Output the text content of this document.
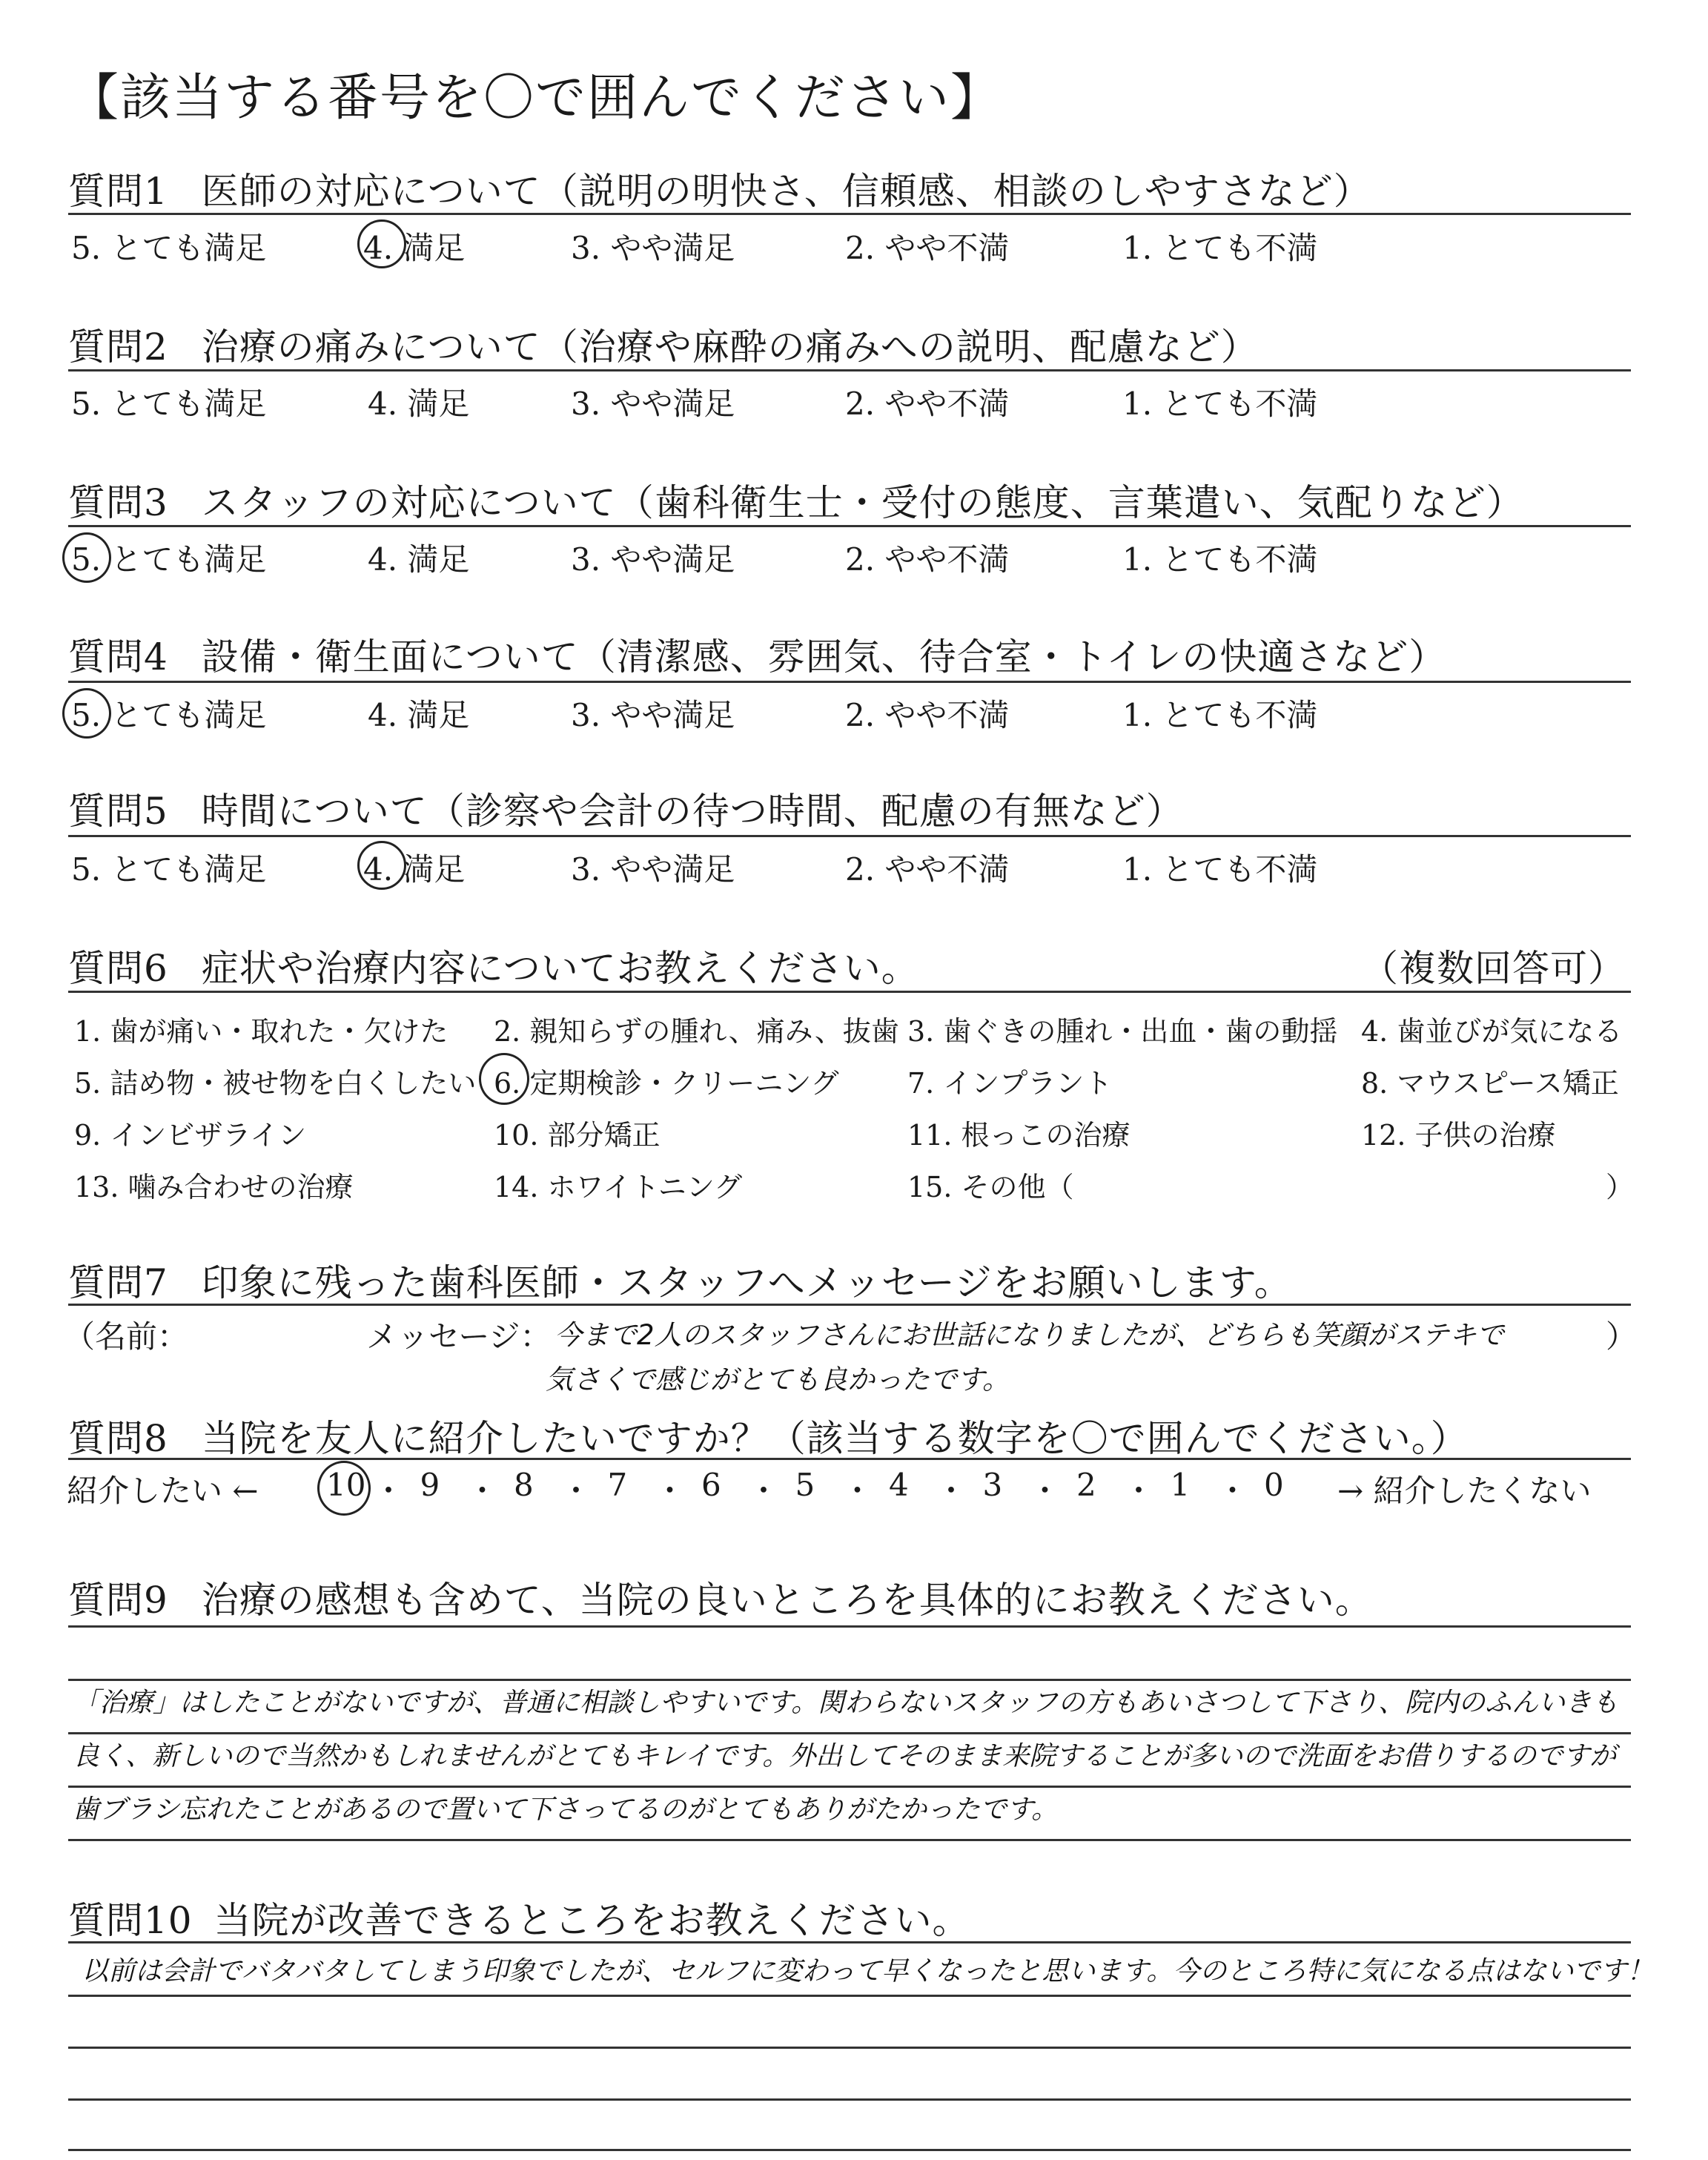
【該当する番号を〇で囲んでください】
質問1 医師の対応について（説明の明快さ、信頼感、相談のしやすさなど）
5. とても満足	4. 満足	3. やや満足	2. やや不満	1. とても不満
質問2 治療の痛みについて（治療や麻酔の痛みへの説明、配慮など）
5. とても満足	4. 満足	3. やや満足	2. やや不満	1. とても不満
質問3 スタッフの対応について（歯科衛生士・受付の態度、言葉遣い、気配りなど）
5. とても満足	4. 満足	3. やや満足	2. やや不満	1. とても不満
質問4 設備・衛生面について（清潔感、雰囲気、待合室・トイレの快適さなど）
5. とても満足	4. 満足	3. やや満足	2. やや不満	1. とても不満
質問5 時間について（診察や会計の待つ時間、配慮の有無など）
5. とても満足	4. 満足	3. やや満足	2. やや不満	1. とても不満
質問6 症状や治療内容についてお教えください。	（複数回答可）
1. 歯が痛い・取れた・欠けた 2. 親知らずの腫れ、痛み、抜歯 3. 歯ぐきの腫れ・出血・歯の動揺 4. 歯並びが気になる
5. 詰め物・被せ物を白くしたい 6. 定期検診・クリーニング 7. インプラント	8. マウスピース矯正
9. インビザライン	10. 部分矯正	11. 根っこの治療	12. 子供の治療
13. 噛み合わせの治療	14. ホワイトニング	15. その他（	）
質問7 印象に残った歯科医師・スタッフへメッセージをお願いします。
（名前：	メッセージ：	）
今まで2人のスタッフさんにお世話になりましたが、どちらも笑顔がステキで
気さくで感じがとても良かったです。
質問8 当院を友人に紹介したいですか？（該当する数字を〇で囲んでください。）
紹介したい ←	→ 紹介したくない
質問9 治療の感想も含めて、当院の良いところを具体的にお教えください。
「治療」はしたことがないですが、普通に相談しやすいです。関わらないスタッフの方もあいさつして下さり、院内のふんいきも
良く、新しいので当然かもしれませんがとてもキレイです。外出してそのまま来院することが多いので洗面をお借りするのですが
歯ブラシ忘れたことがあるので置いて下さってるのがとてもありがたかったです。
質問10 当院が改善できるところをお教えください。
以前は会計でバタバタしてしまう印象でしたが、セルフに変わって早くなったと思います。今のところ特に気になる点はないです！
10 ・ 9 ・ 8 ・ 7 ・ 6 ・ 5 ・ 4 ・ 3 ・ 2 ・ 1 ・ 0
